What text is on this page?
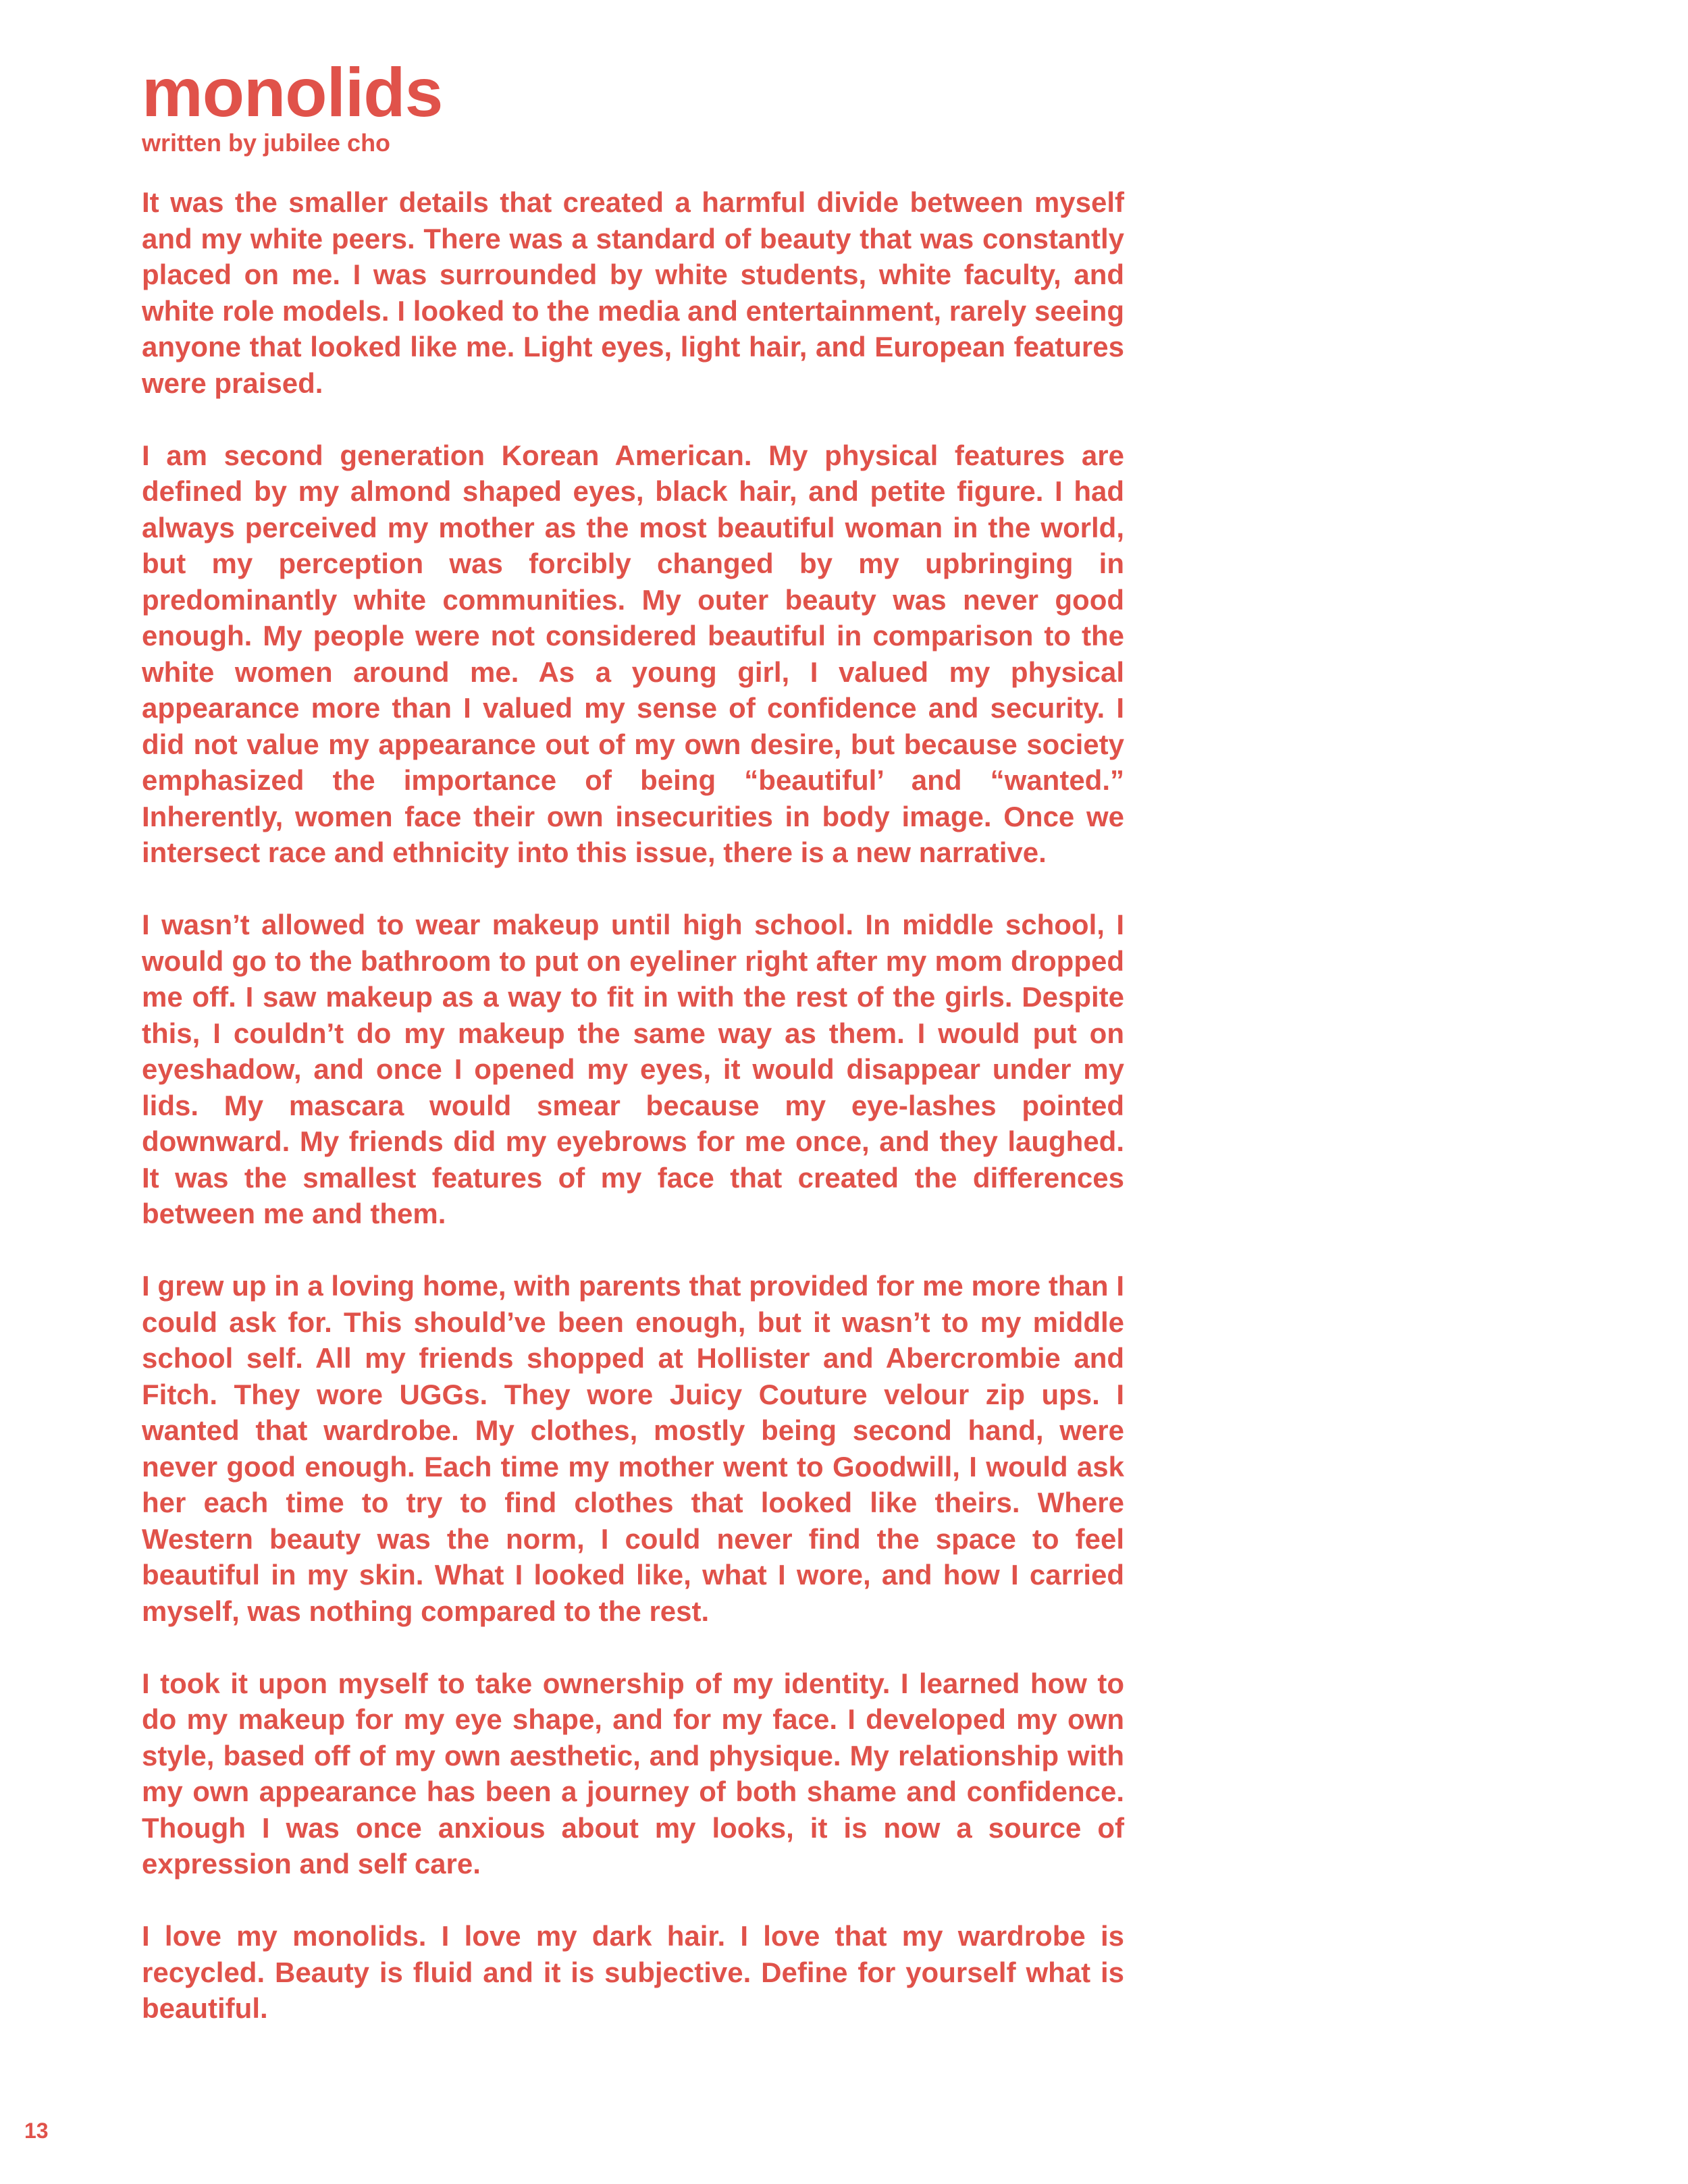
monolids
written by jubilee cho

It was the smaller details that created a harmful divide between myself and my white peers. There was a standard of beauty that was constantly placed on me. I was surrounded by white students, white faculty, and white role models. I looked to the media and entertainment, rarely seeing anyone that looked like me. Light eyes, light hair, and European features were praised.

I am second generation Korean American. My physical features are defined by my almond shaped eyes, black hair, and petite figure. I had always perceived my mother as the most beautiful woman in the world, but my perception was forcibly changed by my upbringing in predominantly white communities. My outer beauty was never good enough. My people were not considered beautiful in comparison to the white women around me. As a young girl, I valued my physical appearance more than I valued my sense of confidence and security. I did not value my appearance out of my own desire, but because society emphasized the importance of being “beautiful’ and “wanted.” Inherently, women face their own insecurities in body image. Once we intersect race and ethnicity into this issue, there is a new narrative.

I wasn’t allowed to wear makeup until high school. In middle school, I would go to the bathroom to put on eyeliner right after my mom dropped me off. I saw makeup as a way to fit in with the rest of the girls. Despite this, I couldn’t do my makeup the same way as them. I would put on eyeshadow, and once I opened my eyes, it would disappear under my lids. My mascara would smear because my eye-lashes pointed downward. My friends did my eyebrows for me once, and they laughed. It was the smallest features of my face that created the differences between me and them.

I grew up in a loving home, with parents that provided for me more than I could ask for. This should’ve been enough, but it wasn’t to my middle school self. All my friends shopped at Hollister and Abercrombie and Fitch. They wore UGGs. They wore Juicy Couture velour zip ups. I wanted that wardrobe. My clothes, mostly being second hand, were never good enough. Each time my mother went to Goodwill, I would ask her each time to try to find clothes that looked like theirs. Where Western beauty was the norm, I could never find the space to feel beautiful in my skin. What I looked like, what I wore, and how I carried myself, was nothing compared to the rest.

I took it upon myself to take ownership of my identity. I learned how to do my makeup for my eye shape, and for my face. I developed my own style, based off of my own aesthetic, and physique. My relationship with my own appearance has been a journey of both shame and confidence. Though I was once anxious about my looks, it is now a source of expression and self care.

I love my monolids. I love my dark hair. I love that my wardrobe is recycled. Beauty is fluid and it is subjective. Define for yourself what is beautiful.

13
